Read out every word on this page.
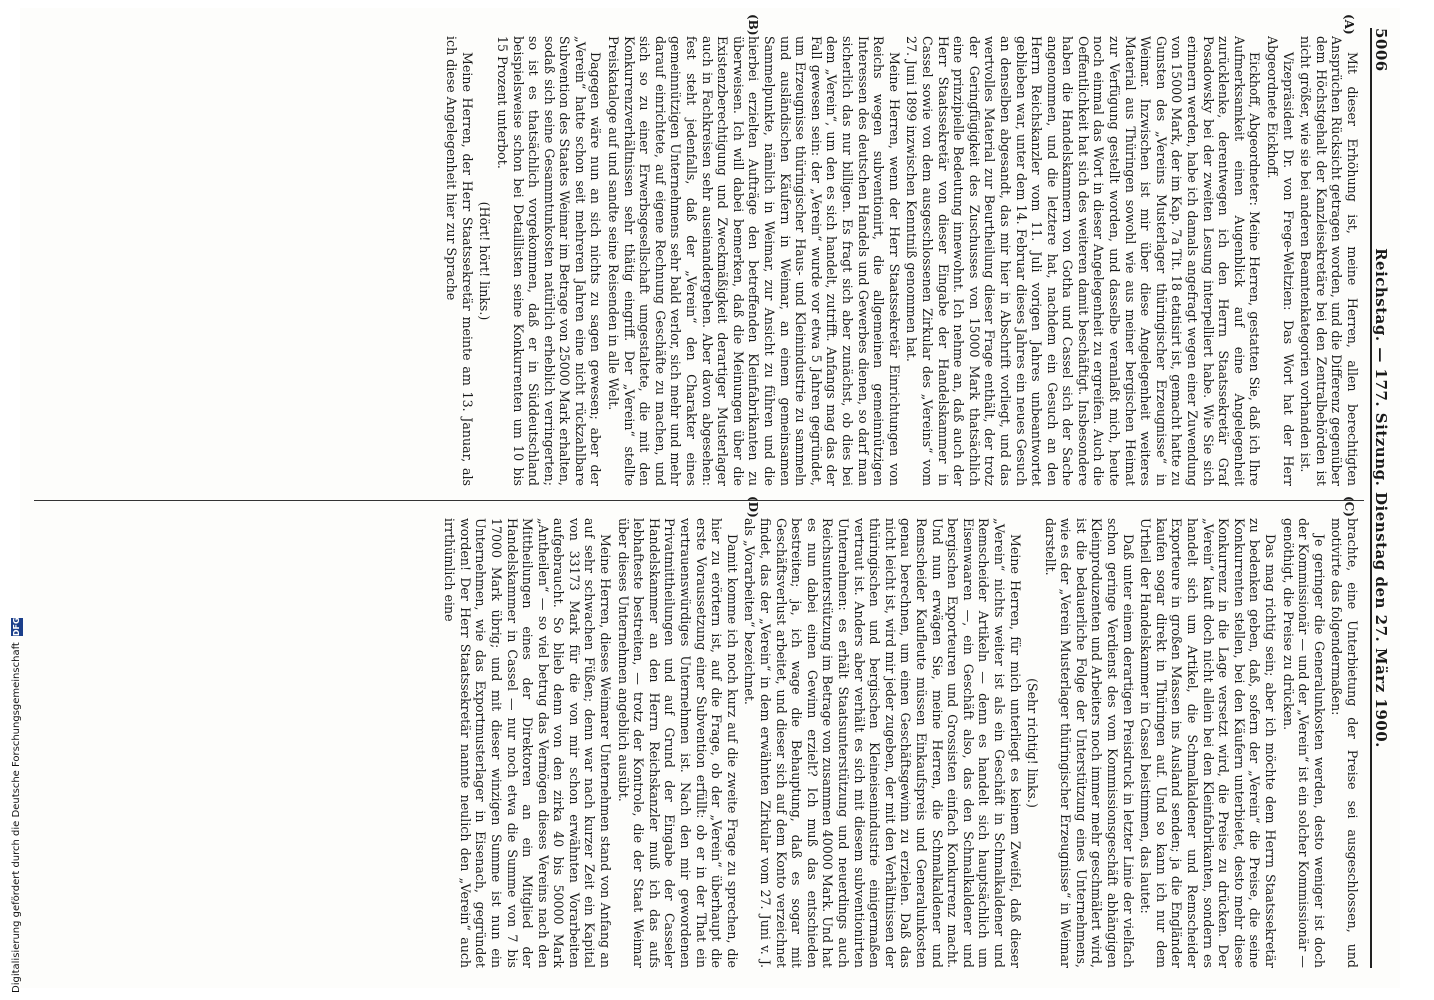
5006
Reichstag. — 177. Sitzung. Dienstag den 27. März 1900.
(A)
(B)
(C)
(D)

Mit dieser Erhöhung ist, meine Herren, allen berechtigten Ansprüchen Rücksicht getragen worden, und die Differenz gegenüber dem Höchstgehalt der Kanzleisekretäre bei den Zentralbehörden ist nicht größer, wie sie bei anderen Beamtenkategorien vorhanden ist.

Vizepräsident Dr. von Frege-Weltzien: Das Wort hat der Herr Abgeordnete Eickhoff.

Eickhoff, Abgeordneter: Meine Herren, gestatten Sie, daß ich Ihre Aufmerksamkeit einen Augenblick auf eine Angelegenheit zurücklenke, derentwegen ich den Herrn Staatssekretär Graf Posadowsky bei der zweiten Lesung interpelliert habe. Wie Sie sich erinnern werden, habe ich damals angefragt wegen einer Zuwendung von 15000 Mark, der im Kap. 7a Tit. 18 etatisirt ist, gemacht hatte zu Gunsten des „Vereins Musterlager thüringischer Erzeugnisse“ in Weimar. Inzwischen ist mir über diese Angelegenheit weiteres Material aus Thüringen sowohl wie aus meiner bergischen Heimat zur Verfügung gestellt worden, und dasselbe veranlaßt mich, heute noch einmal das Wort in dieser Angelegenheit zu ergreifen. Auch die Oeffentlichkeit hat sich des weiteren damit beschäftigt. Insbesondere haben die Handelskammern von Gotha und Cassel sich der Sache angenommen, und die letztere hat, nachdem ein Gesuch an den Herrn Reichskanzler vom 11. Juli vorigen Jahres unbeantwortet geblieben war, unter dem 14. Februar dieses Jahres ein neues Gesuch an denselben abgesandt, das mir hier in Abschrift vorliegt, und das wertvolles Material zur Beurtheilung dieser Frage enthält, der trotz der Geringfügigkeit des Zuschusses von 15000 Mark thatsächlich eine prinzipielle Bedeutung innewohnt. Ich nehme an, daß auch der Herr Staatssekretär von dieser Eingabe der Handelskammer in Cassel sowie von dem ausgeschlossenen Zirkular des „Vereins“ vom 27. Juni 1899 inzwischen Kenntniß genommen hat.

Meine Herren, wenn der Herr Staatssekretär Einrichtungen von Reichs wegen subventionirt, die allgemeinen gemeinnützigen Interessen des deutschen Handels und Gewerbes dienen, so darf man sicherlich das nur billigen. Es fragt sich aber zunächst, ob dies bei dem „Verein“, um den es sich handelt, zutrifft. Anfangs mag das der Fall gewesen sein: der „Verein“ wurde vor etwa 5 Jahren gegründet, um Erzeugnisse thüringischer Haus- und Kleinindustrie zu sammeln und ausländischen Käufern in Weimar, an einem gemeinsamen Sammelpunkte, nämlich in Weimar, zur Ansicht zu führen und die hierbei erzielten Aufträge den betreffenden Kleinfabrikanten zu überweisen. Ich will dabei bemerken, daß die Meinungen über die Existenzberechtigung und Zweckmäßigkeit derartiger Musterlager auch in Fachkreisen sehr auseinandergehen. Aber davon abgesehen: fest steht jedenfalls, daß der „Verein“ den Charakter eines gemeinnützigen Unternehmens sehr bald verlor, sich mehr und mehr darauf einrichtete, auf eigene Rechnung Geschäfte zu machen, und sich so zu einer Erwerbsgesellschaft umgestaltete, die mit den Konkurrenzverhältnissen sehr thätig eingriff. Der „Verein“ stellte Preiskataloge auf und sandte seine Reisenden in alle Welt.

Dagegen wäre nun an sich nichts zu sagen gewesen; aber der „Verein“ hatte schon seit mehreren Jahren eine nicht rückzahlbare Subvention des Staates Weimar im Betrage von 25000 Mark erhalten, sodaß sich seine Gesammtunkosten natürlich erheblich verringerten; so ist es thatsächlich vorgekommen, daß er in Süddeutschland beispielsweise schon bei Detaillisten seine Konkurrenten um 10 bis 15 Prozent unterbot.

(Hört! hört! links.)

Meine Herren, der Herr Staatssekretär meinte am 13. Januar, als ich diese Angelegenheit hier zur Sprache

brachte, eine Unterbietung der Preise sei ausgeschlossen, und motivirte das folgendermaßen:

Je geringer die Generalunkosten werden, desto weniger ist doch der Kommissionär — und der „Verein“ ist ein solcher Kommissionär — genöthigt, die Preise zu drücken.

Das mag richtig sein; aber ich möchte dem Herrn Staatssekretär zu bedenken geben, daß, sofern der „Verein“ die Preise, die seine Konkurrenten stellen, bei den Käufern unterbietet, desto mehr diese Konkurrenz in die Lage versetzt wird, die Preise zu drücken. Der „Verein“ kauft doch nicht allein bei den Kleinfabrikanten, sondern es handelt sich um Artikel, die Schmalkaldener und Remscheider Exporteure in großen Massen ins Ausland senden; ja die Engländer kaufen sogar direkt in Thüringen auf. Und so kann ich nur dem Urtheil der Handelskammer in Cassel beistimmen, das lautet:

Daß unter einem derartigen Preisdruck in letzter Linie der vielfach schon geringe Verdienst des vom Kommissionsgeschäft abhängigen Kleinproduzenten und Arbeiters noch immer mehr geschmälert wird, ist die bedauerliche Folge der Unterstützung eines Unternehmens, wie es der „Verein Musterlager thüringischer Erzeugnisse“ in Weimar darstellt.

(Sehr richtig! links.)

Meine Herren, für mich unterliegt es keinem Zweifel, daß dieser „Verein“ nichts weiter ist als ein Geschäft in Schmalkaldener und Remscheider Artikeln — denn es handelt sich hauptsächlich um Eisenwaaren —, ein Geschäft also, das den Schmalkaldener und bergischen Exporteuren und Grossisten einfach Konkurrenz macht. Und nun erwägen Sie, meine Herren, die Schmalkaldener und Remscheider Kaufleute müssen Einkaufspreis und Generalunkosten genau berechnen, um einen Geschäftsgewinn zu erzielen. Daß das nicht leicht ist, wird mir jeder zugeben, der mit den Verhältnissen der thüringischen und bergischen Kleineisenindustrie einigermaßen vertraut ist. Anders aber verhält es sich mit diesem subventionirten Unternehmen: es erhält Staatsunterstützung und neuerdings auch Reichsunterstützung im Betrage von zusammen 40000 Mark. Und hat es nun dabei einen Gewinn erzielt? Ich muß das entschieden bestreiten; ja, ich wage die Behauptung, daß es sogar mit Geschäftsverlust arbeitet, und dieser sich auf dem Konto verzeichnet findet, das der „Verein“ in dem erwähnten Zirkular vom 27. Juni v. J. als „Vorarbeiten“ bezeichnet.

Damit komme ich noch kurz auf die zweite Frage zu sprechen, die hier zu erörtern ist, auf die Frage, ob der „Verein“ überhaupt die erste Voraussetzung einer Subvention erfüllt: ob er in der That ein vertrauenswürdiges Unternehmen ist. Nach den mir gewordenen Privatmittheilungen und auf Grund der Eingabe der Casseler Handelskammer an den Herrn Reichskanzler muß ich das aufs lebhafteste bestreiten, — trotz der Kontrole, die der Staat Weimar über dieses Unternehmen angeblich ausübt.

Meine Herren, dieses Weimarer Unternehmen stand von Anfang an auf sehr schwachen Füßen; denn war nach kurzer Zeit ein Kapital von 33173 Mark für die von mir schon erwähnten Vorarbeiten aufgebraucht. So blieb denn von den zirka 40 bis 50000 Mark „Antheilen“ — so viel betrug das Vermögen dieses Vereins nach den Mittheilungen eines der Direktoren an ein Mitglied der Handelskammer in Cassel — nur noch etwa die Summe von 7 bis 17000 Mark übrig; und mit dieser winzigen Summe ist nun ein Unternehmen, wie das Exportmusterlager in Eisenach, gegründet worden! Der Herr Staatssekretär nannte neulich den „Verein“ auch irrthümlich eine

Digitalisierung gefördert durch die Deutsche Forschungsgemeinschaft
DFG
